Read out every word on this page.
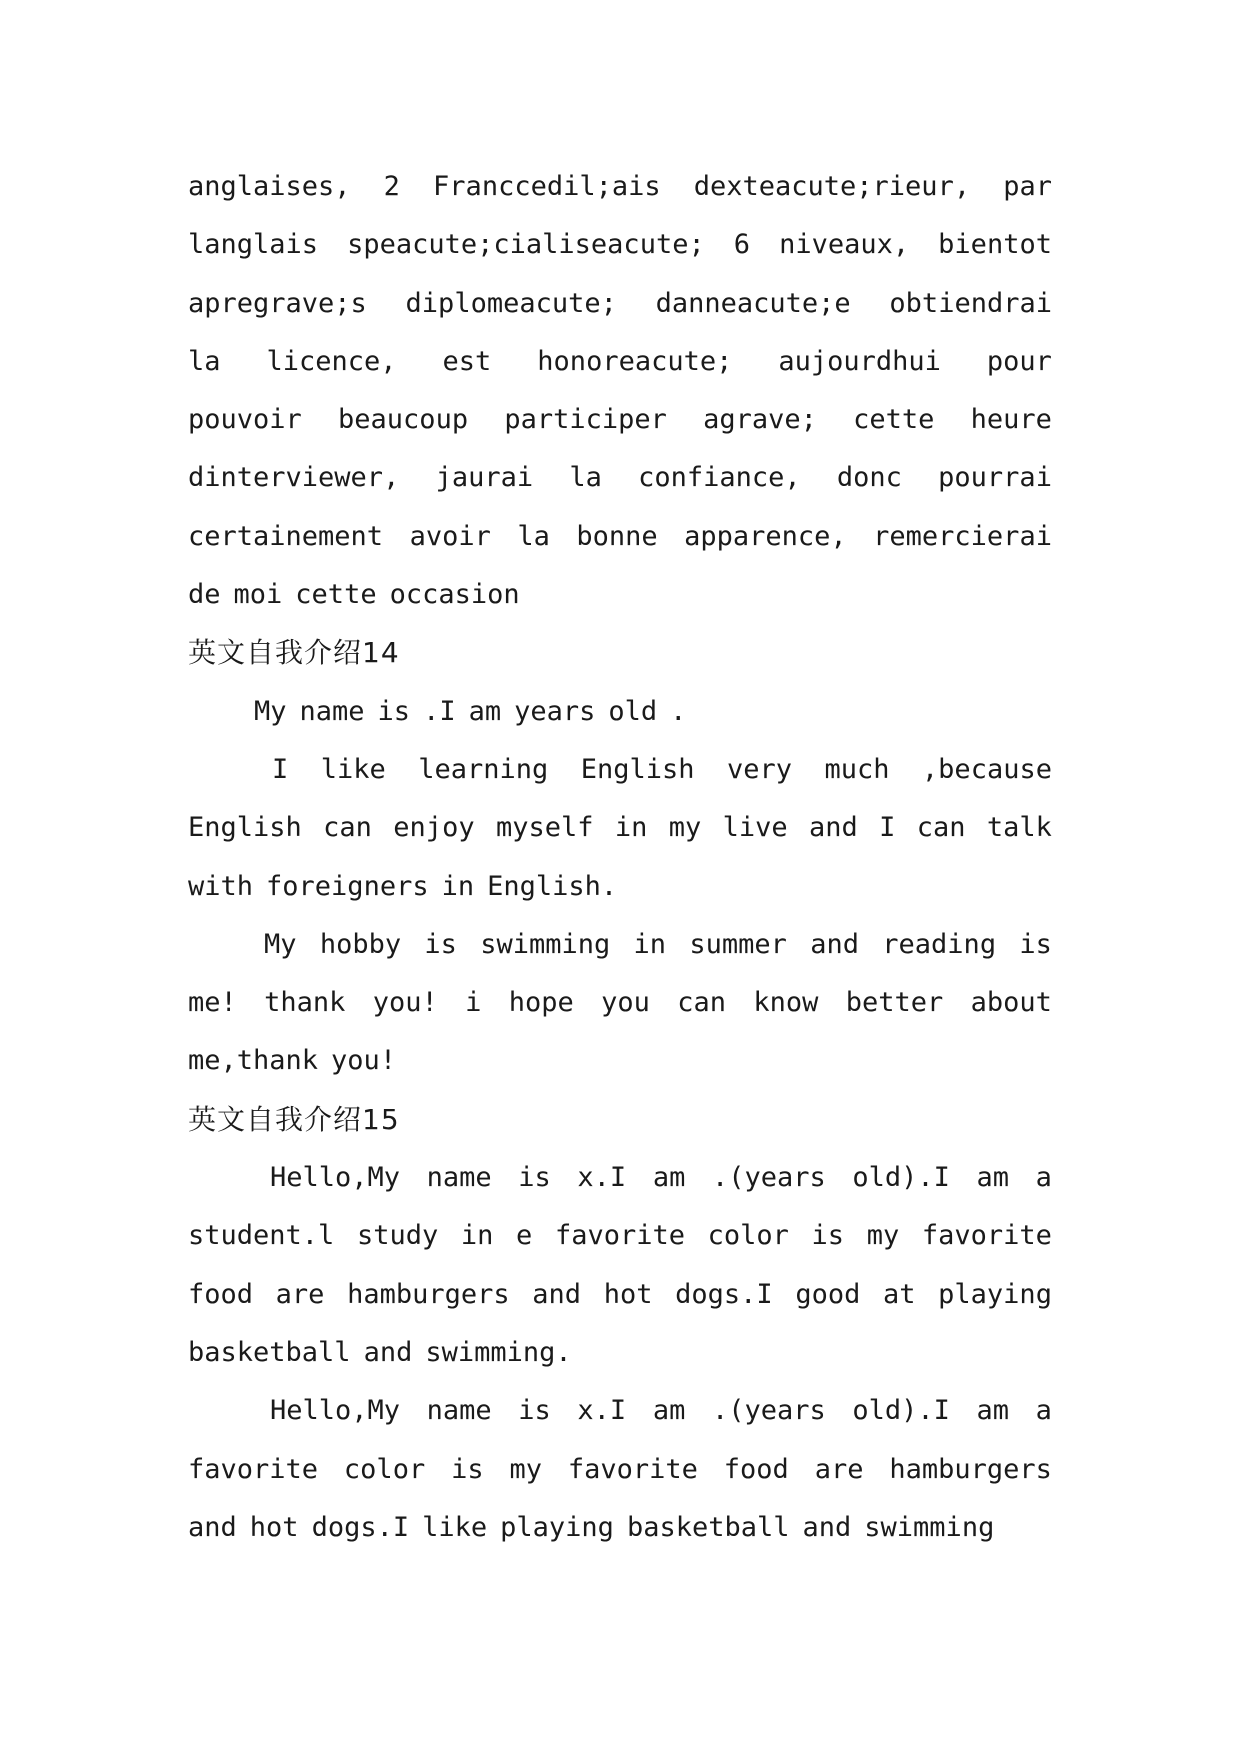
anglaises, 2 Franccedil;ais dexteacute;rieur, par
langlais speacute;cialiseacute; 6 niveaux, bientot
apregrave;s diplomeacute; danneacute;e obtiendrai
la licence, est honoreacute; aujourdhui pour
pouvoir beaucoup participer agrave; cette heure
dinterviewer, jaurai la confiance, donc pourrai
certainement avoir la bonne apparence, remercierai
de moi cette occasion
英文自我介绍14
My name is .I am years old .
I like learning English very much ,because
English can enjoy myself in my live and I can talk
with foreigners in English.
My hobby is swimming in summer and reading is
me! thank you! i hope you can know better about
me,thank you!
英文自我介绍15
Hello,My name is x.I am .(years old).I am a
student.l study in e favorite color is my favorite
food are hamburgers and hot dogs.I good at playing
basketball and swimming.
Hello,My name is x.I am .(years old).I am a
favorite color is my favorite food are hamburgers
and hot dogs.I like playing basketball and swimming
